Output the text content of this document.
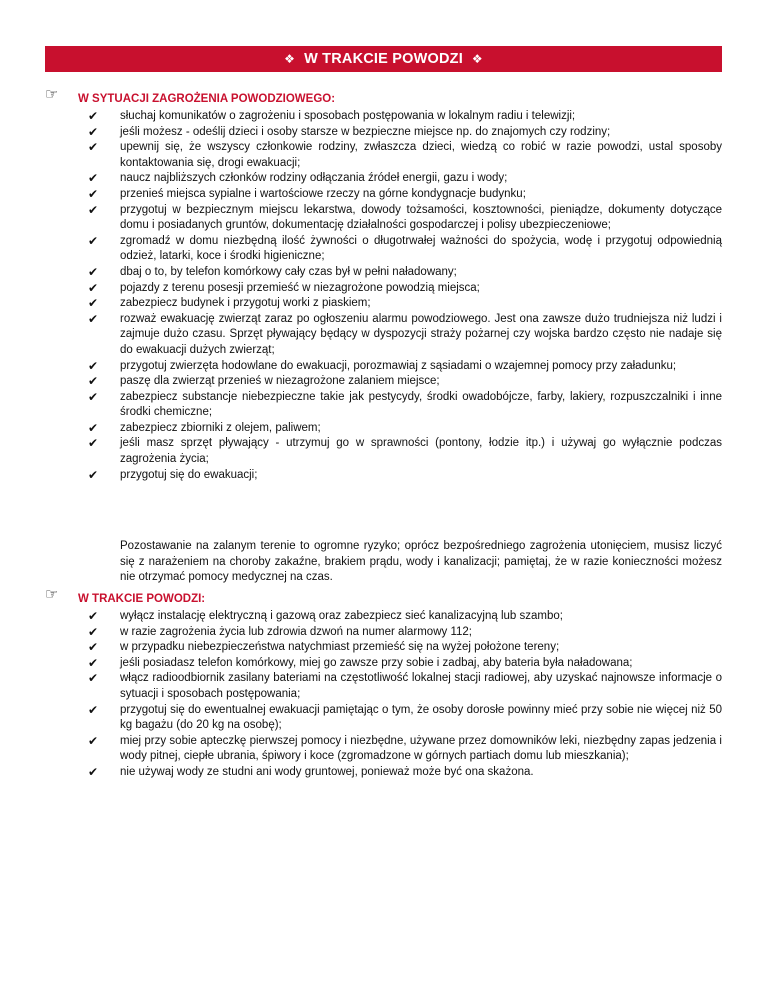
❖ W TRAKCIE POWODZI ❖
☞ W SYTUACJI ZAGROŻENIA POWODZIOWEGO:
✔ słuchaj komunikatów o zagrożeniu i sposobach postępowania w lokalnym radiu i telewizji;
✔ jeśli możesz - odeślij dzieci i osoby starsze w bezpieczne miejsce np. do znajomych czy rodziny;
✔ upewnij się, że wszyscy członkowie rodziny, zwłaszcza dzieci, wiedzą co robić w razie powodzi, ustal sposoby kontaktowania się, drogi ewakuacji;
✔ naucz najbliższych członków rodziny odłączania źródeł energii, gazu i wody;
✔ przenieś miejsca sypialne i wartościowe rzeczy na górne kondygnacje budynku;
✔ przygotuj w bezpiecznym miejscu lekarstwa, dowody tożsamości, kosztowności, pieniądze, dokumenty dotyczące domu i posiadanych gruntów, dokumentację działalności gospodarczej i polisy ubezpieczeniowe;
✔ zgromadź w domu niezbędną ilość żywności o długotrwałej ważności do spożycia, wodę i przygotuj odpowiednią odzież, latarki, koce i środki higieniczne;
✔ dbaj o to, by telefon komórkowy cały czas był w pełni naładowany;
✔ pojazdy z terenu posesji przemieść w niezagrożone powodzią miejsca;
✔ zabezpiecz budynek i przygotuj worki z piaskiem;
✔ rozważ ewakuację zwierząt zaraz po ogłoszeniu alarmu powodziowego. Jest ona zawsze dużo trudniejsza niż ludzi i zajmuje dużo czasu. Sprzęt pływający będący w dyspozycji straży pożarnej czy wojska bardzo często nie nadaje się do ewakuacji dużych zwierząt;
✔ przygotuj zwierzęta hodowlane do ewakuacji, porozmawiaj z sąsiadami o wzajemnej pomocy przy załadunku;
✔ paszę dla zwierząt przenieś w niezagrożone zalaniem miejsce;
✔ zabezpiecz substancje niebezpieczne takie jak pestycydy, środki owadobójcze, farby, lakiery, rozpuszczalniki i inne środki chemiczne;
✔ zabezpiecz zbiorniki z olejem, paliwem;
✔ jeśli masz sprzęt pływający - utrzymuj go w sprawności (pontony, łodzie itp.) i używaj go wyłącznie podczas zagrożenia życia;
✔ przygotuj się do ewakuacji;
Pozostawanie na zalanym terenie to ogromne ryzyko; oprócz bezpośredniego zagrożenia utonięciem, musisz liczyć się z narażeniem na choroby zakaźne, brakiem prądu, wody i kanalizacji; pamiętaj, że w razie konieczności możesz nie otrzymać pomocy medycznej na czas.
☞ W TRAKCIE POWODZI:
✔ wyłącz instalację elektryczną i gazową oraz zabezpiecz sieć kanalizacyjną lub szambo;
✔ w razie zagrożenia życia lub zdrowia dzwoń na numer alarmowy 112;
✔ w przypadku niebezpieczeństwa natychmiast przemieść się na wyżej położone tereny;
✔ jeśli posiadasz telefon komórkowy, miej go zawsze przy sobie i zadbaj, aby bateria była naładowana;
✔ włącz radioodbiornik zasilany bateriami na częstotliwość lokalnej stacji radiowej, aby uzyskać najnowsze informacje o sytuacji i sposobach postępowania;
✔ przygotuj się do ewentualnej ewakuacji pamiętając o tym, że osoby dorosłe powinny mieć przy sobie nie więcej niż 50 kg bagażu (do 20 kg na osobę);
✔ miej przy sobie apteczkę pierwszej pomocy i niezbędne, używane przez domowników leki, niezbędny zapas jedzenia i wody pitnej, ciepłe ubrania, śpiwory i koce (zgromadzone w górnych partiach domu lub mieszkania);
✔ nie używaj wody ze studni ani wody gruntowej, ponieważ może być ona skażona.
